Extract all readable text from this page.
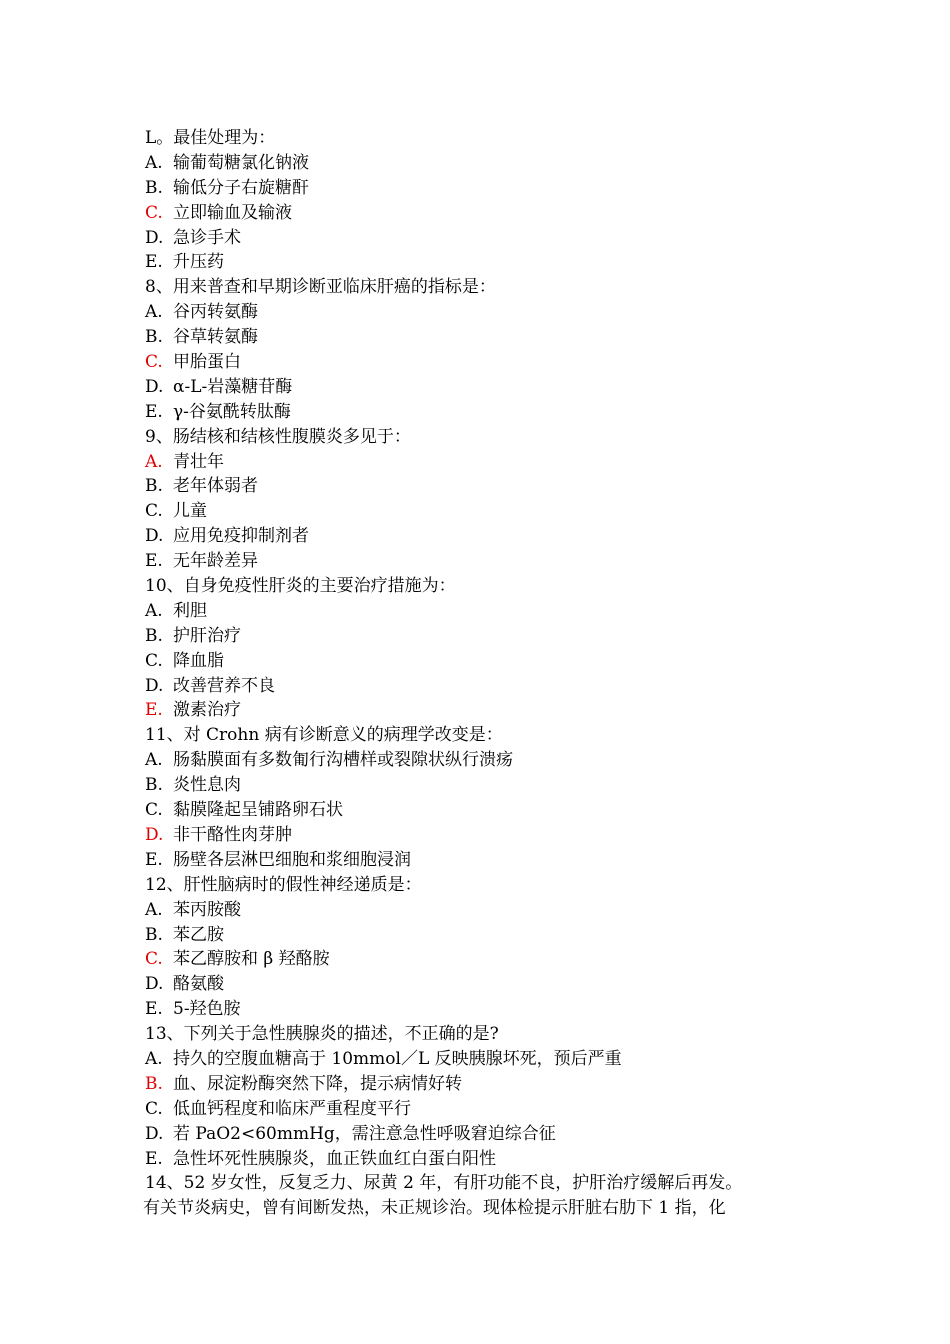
L。最佳处理为：
A. 输葡萄糖氯化钠液
B. 输低分子右旋糖酐
C. 立即输血及输液
D. 急诊手术
E. 升压药
8、用来普查和早期诊断亚临床肝癌的指标是：
A. 谷丙转氨酶
B. 谷草转氨酶
C. 甲胎蛋白
D. α-L-岩藻糖苷酶
E. γ-谷氨酰转肽酶
9、肠结核和结核性腹膜炎多见于：
A. 青壮年
B. 老年体弱者
C. 儿童
D. 应用免疫抑制剂者
E. 无年龄差异
10、自身免疫性肝炎的主要治疗措施为：
A. 利胆
B. 护肝治疗
C. 降血脂
D. 改善营养不良
E. 激素治疗
11、对 Crohn 病有诊断意义的病理学改变是：
A. 肠黏膜面有多数匍行沟槽样或裂隙状纵行溃疡
B. 炎性息肉
C. 黏膜隆起呈铺路卵石状
D. 非干酪性肉芽肿
E. 肠壁各层淋巴细胞和浆细胞浸润
12、肝性脑病时的假性神经递质是：
A. 苯丙胺酸
B. 苯乙胺
C. 苯乙醇胺和 β 羟酪胺
D. 酪氨酸
E. 5-羟色胺
13、下列关于急性胰腺炎的描述，不正确的是?
A. 持久的空腹血糖高于 10mmol／L 反映胰腺坏死，预后严重
B. 血、尿淀粉酶突然下降，提示病情好转
C. 低血钙程度和临床严重程度平行
D. 若 PaO2<60mmHg，需注意急性呼吸窘迫综合征
E. 急性坏死性胰腺炎，血正铁血红白蛋白阳性
14、52 岁女性，反复乏力、尿黄 2 年，有肝功能不良，护肝治疗缓解后再发。
有关节炎病史，曾有间断发热，未正规诊治。现体检提示肝脏右肋下 1 指，化
